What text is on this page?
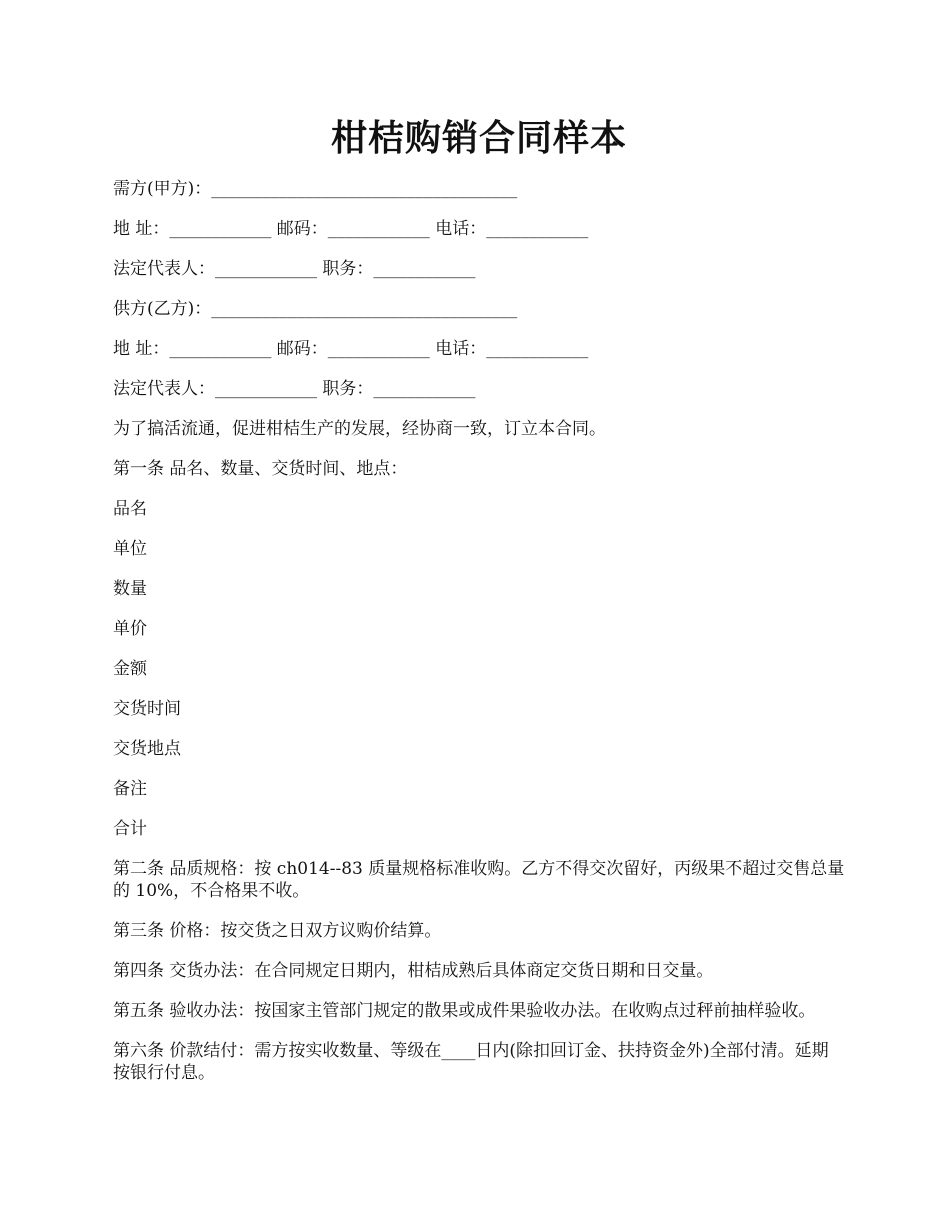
柑桔购销合同样本

需方(甲方)：____________________________________

地 址：____________ 邮码：____________ 电话：____________

法定代表人：____________ 职务：____________

供方(乙方)：____________________________________

地 址：____________ 邮码：____________ 电话：____________

法定代表人：____________ 职务：____________

为了搞活流通，促进柑桔生产的发展，经协商一致，订立本合同。

第一条 品名、数量、交货时间、地点：

品名

单位

数量

单价

金额

交货时间

交货地点

备注

合计

第二条 品质规格：按 ch014--83 质量规格标准收购。乙方不得交次留好，丙级果不超过交售总量的 10%，不合格果不收。

第三条 价格：按交货之日双方议购价结算。

第四条 交货办法：在合同规定日期内，柑桔成熟后具体商定交货日期和日交量。

第五条 验收办法：按国家主管部门规定的散果或成件果验收办法。在收购点过秤前抽样验收。

第六条 价款结付：需方按实收数量、等级在____日内(除扣回订金、扶持资金外)全部付清。延期按银行付息。
